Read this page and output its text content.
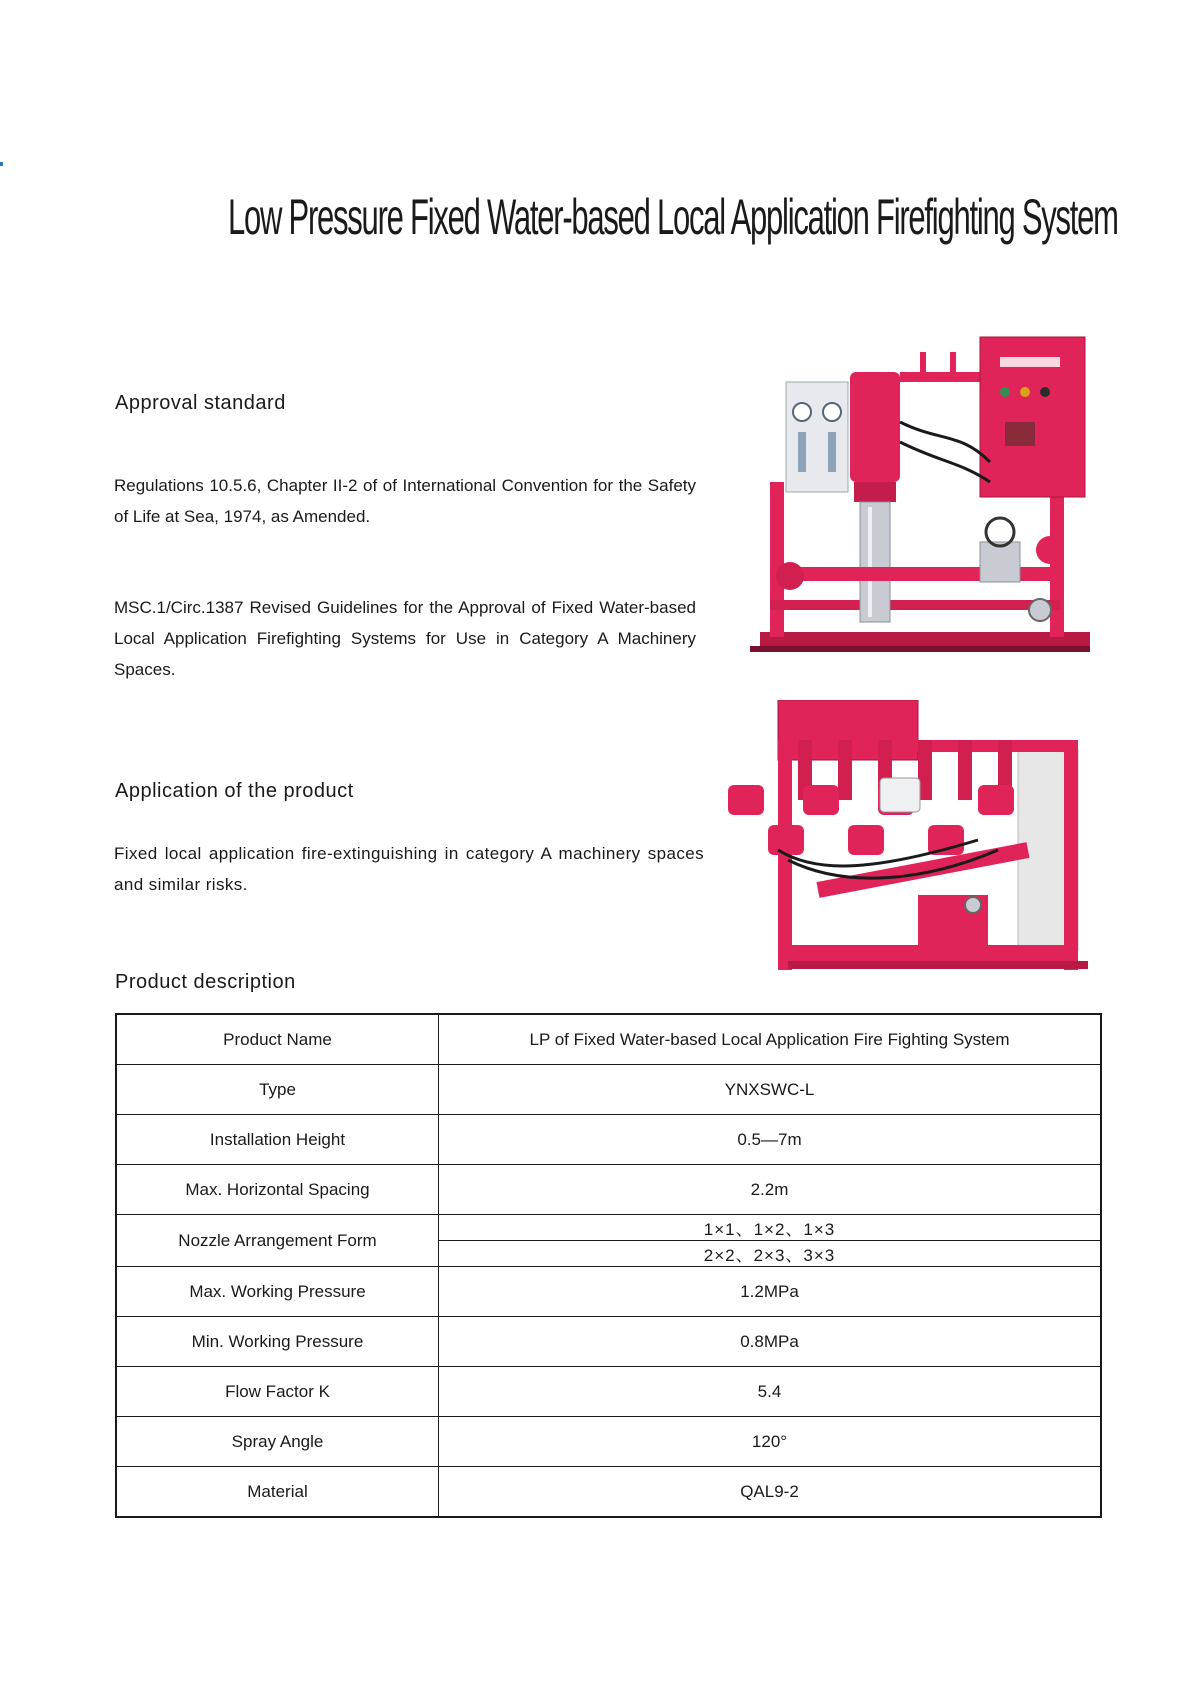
Low Pressure Fixed Water-based Local Application Firefighting System
Approval standard
Regulations 10.5.6, Chapter II-2 of of International Convention for the Safety of Life at Sea, 1974, as Amended.
MSC.1/Circ.1387 Revised Guidelines for the Approval of Fixed Water-based Local Application Firefighting Systems for Use in Category A Machinery Spaces.
Application of the product
Fixed local application fire-extinguishing in category A machinery spaces and similar risks.
Product description
Product Name	LP of Fixed Water-based Local Application Fire Fighting System
Type	YNXSWC-L
Installation Height	0.5—7m
Max. Horizontal Spacing	2.2m
Nozzle Arrangement Form	1×1、1×2、1×3
	2×2、2×3、3×3
Max. Working Pressure	1.2MPa
Min. Working Pressure	0.8MPa
Flow Factor K	5.4
Spray Angle	120°
Material	QAL9-2
